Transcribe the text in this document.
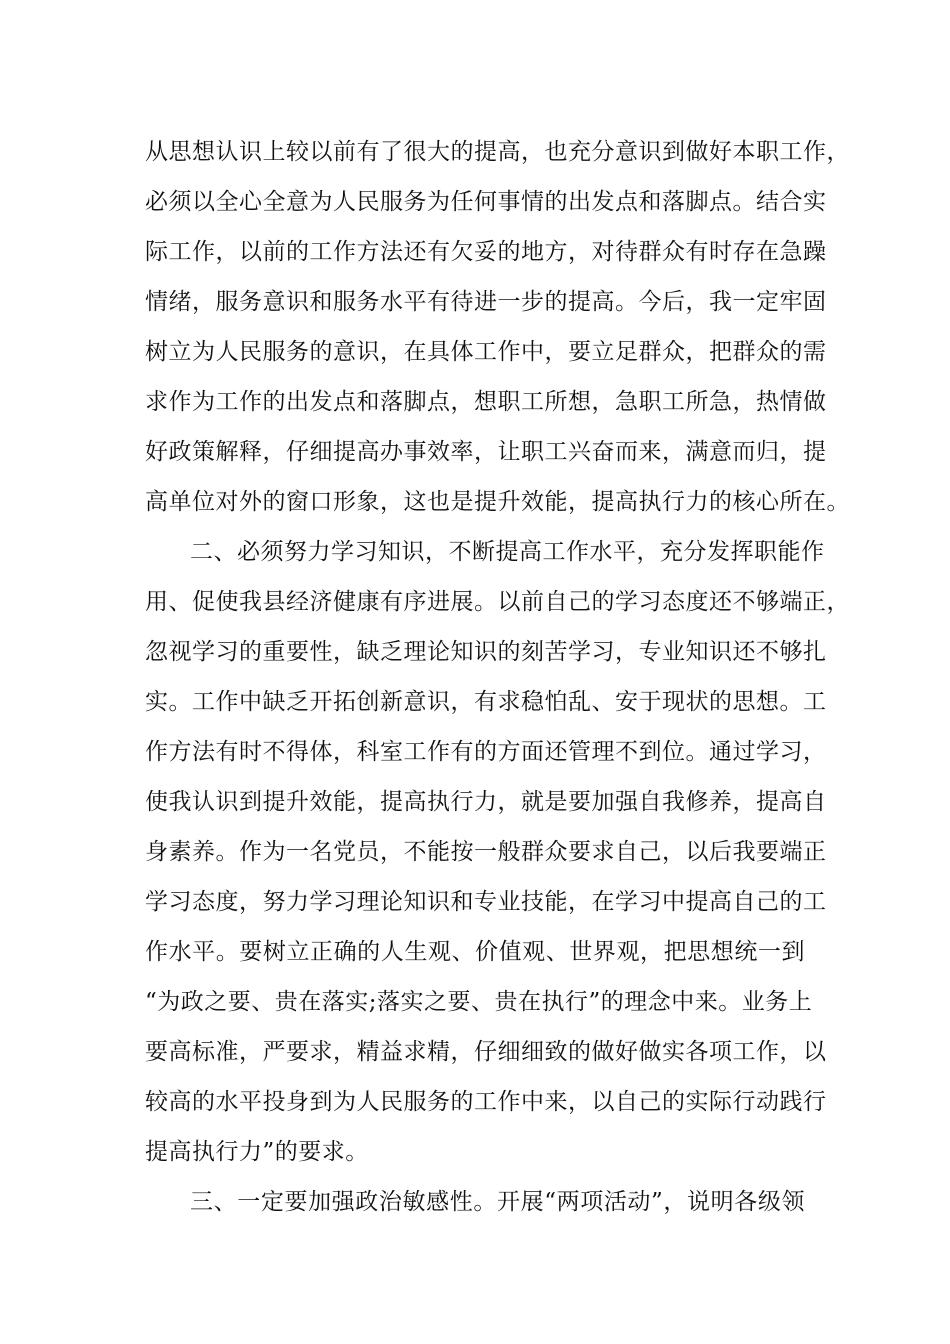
从思想认识上较以前有了很大的提高，也充分意识到做好本职工作，
必须以全心全意为人民服务为任何事情的出发点和落脚点。结合实
际工作，以前的工作方法还有欠妥的地方，对待群众有时存在急躁
情绪，服务意识和服务水平有待进一步的提高。今后，我一定牢固
树立为人民服务的意识，在具体工作中，要立足群众，把群众的需
求作为工作的出发点和落脚点，想职工所想，急职工所急，热情做
好政策解释，仔细提高办事效率，让职工兴奋而来，满意而归，提
高单位对外的窗口形象，这也是提升效能，提高执行力的核心所在。
二、必须努力学习知识，不断提高工作水平，充分发挥职能作
用、促使我县经济健康有序进展。以前自己的学习态度还不够端正，
忽视学习的重要性，缺乏理论知识的刻苦学习，专业知识还不够扎
实。工作中缺乏开拓创新意识，有求稳怕乱、安于现状的思想。工
作方法有时不得体，科室工作有的方面还管理不到位。通过学习，
使我认识到提升效能，提高执行力，就是要加强自我修养，提高自
身素养。作为一名党员，不能按一般群众要求自己，以后我要端正
学习态度，努力学习理论知识和专业技能，在学习中提高自己的工
作水平。要树立正确的人生观、价值观、世界观，把思想统一到
“为政之要、贵在落实;落实之要、贵在执行”的理念中来。业务上
要高标准，严要求，精益求精，仔细细致的做好做实各项工作，以
较高的水平投身到为人民服务的工作中来，以自己的实际行动践行
提高执行力”的要求。
三、一定要加强政治敏感性。开展“两项活动”，说明各级领
